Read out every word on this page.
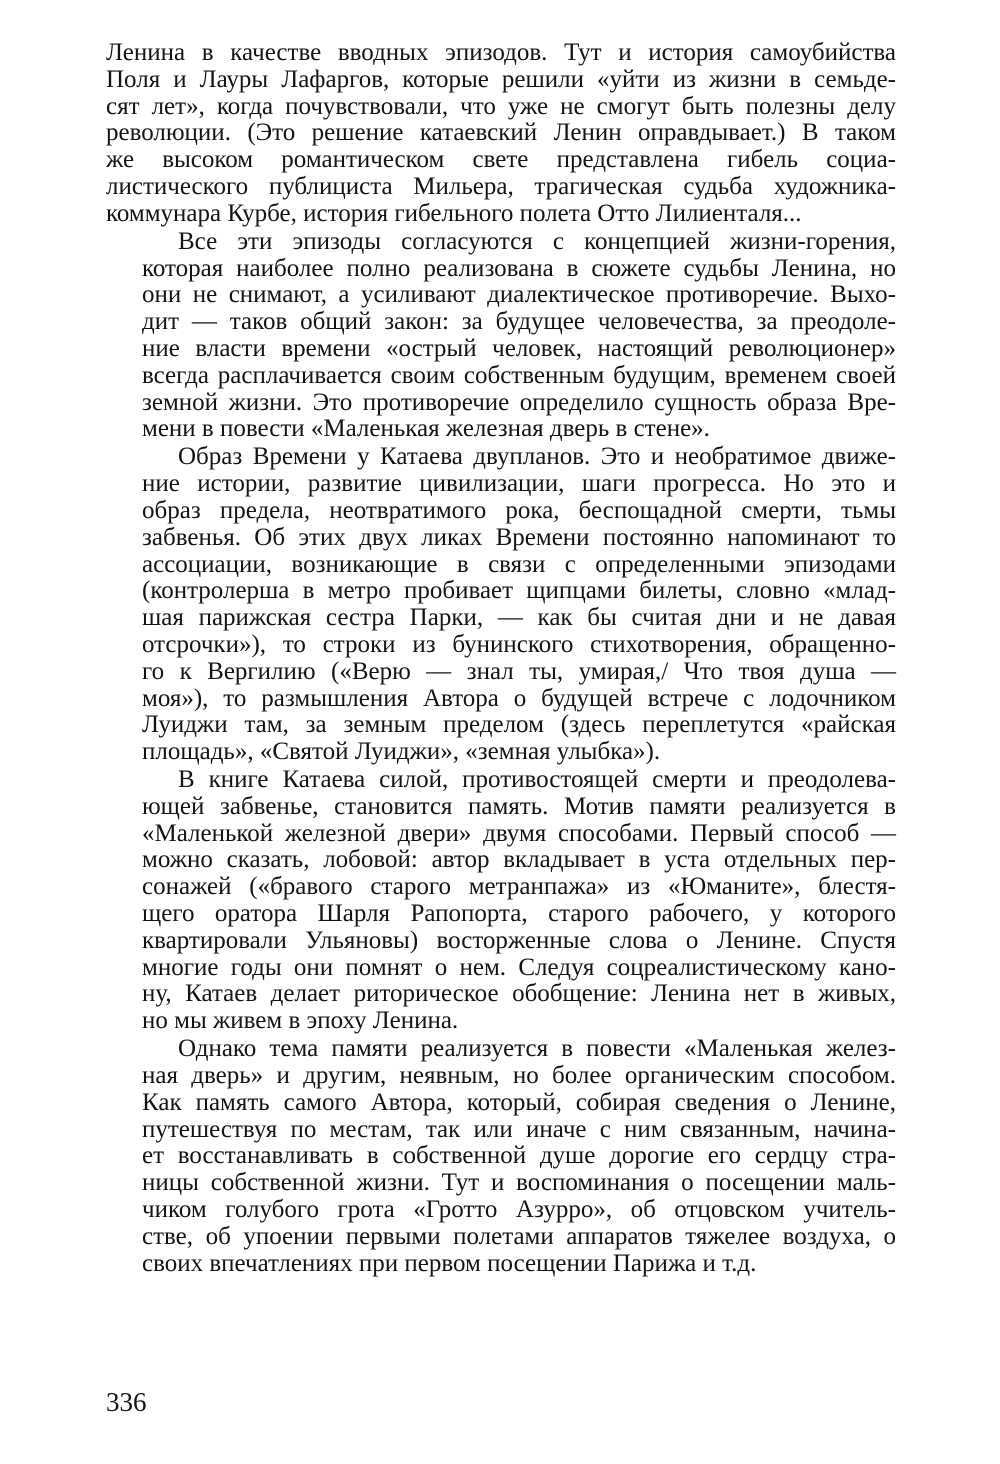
Ленина в качестве вводных эпизодов. Тут и история самоубийства
Поля и Лауры Лафаргов, которые решили «уйти из жизни в семьде-
сят лет», когда почувствовали, что уже не смогут быть полезны делу
революции. (Это решение катаевский Ленин оправдывает.) В таком
же высоком романтическом свете представлена гибель социа-
листического публициста Мильера, трагическая судьба художника-
коммунара Курбе, история гибельного полета Отто Лилиенталя...
Все эти эпизоды согласуются с концепцией жизни-горения,
которая наиболее полно реализована в сюжете судьбы Ленина, но
они не снимают, а усиливают диалектическое противоречие. Выхо-
дит — таков общий закон: за будущее человечества, за преодоле-
ние власти времени «острый человек, настоящий революционер»
всегда расплачивается своим собственным будущим, временем своей
земной жизни. Это противоречие определило сущность образа Вре-
мени в повести «Маленькая железная дверь в стене».
Образ Времени у Катаева двупланов. Это и необратимое движе-
ние истории, развитие цивилизации, шаги прогресса. Но это и
образ предела, неотвратимого рока, беспощадной смерти, тьмы
забвенья. Об этих двух ликах Времени постоянно напоминают то
ассоциации, возникающие в связи с определенными эпизодами
(контролерша в метро пробивает щипцами билеты, словно «млад-
шая парижская сестра Парки, — как бы считая дни и не давая
отсрочки»), то строки из бунинского стихотворения, обращенно-
го к Вергилию («Верю — знал ты, умирая,/ Что твоя душа —
моя»), то размышления Автора о будущей встрече с лодочником
Луиджи там, за земным пределом (здесь переплетутся «райская
площадь», «Святой Луиджи», «земная улыбка»).
В книге Катаева силой, противостоящей смерти и преодолева-
ющей забвенье, становится память. Мотив памяти реализуется в
«Маленькой железной двери» двумя способами. Первый способ —
можно сказать, лобовой: автор вкладывает в уста отдельных пер-
сонажей («бравого старого метранпажа» из «Юманите», блестя-
щего оратора Шарля Рапопорта, старого рабочего, у которого
квартировали Ульяновы) восторженные слова о Ленине. Спустя
многие годы они помнят о нем. Следуя соцреалистическому кано-
ну, Катаев делает риторическое обобщение: Ленина нет в живых,
но мы живем в эпоху Ленина.
Однако тема памяти реализуется в повести «Маленькая желез-
ная дверь» и другим, неявным, но более органическим способом.
Как память самого Автора, который, собирая сведения о Ленине,
путешествуя по местам, так или иначе с ним связанным, начина-
ет восстанавливать в собственной душе дорогие его сердцу стра-
ницы собственной жизни. Тут и воспоминания о посещении маль-
чиком голубого грота «Гротто Азурро», об отцовском учитель-
стве, об упоении первыми полетами аппаратов тяжелее воздуха, о
своих впечатлениях при первом посещении Парижа и т.д.
336
